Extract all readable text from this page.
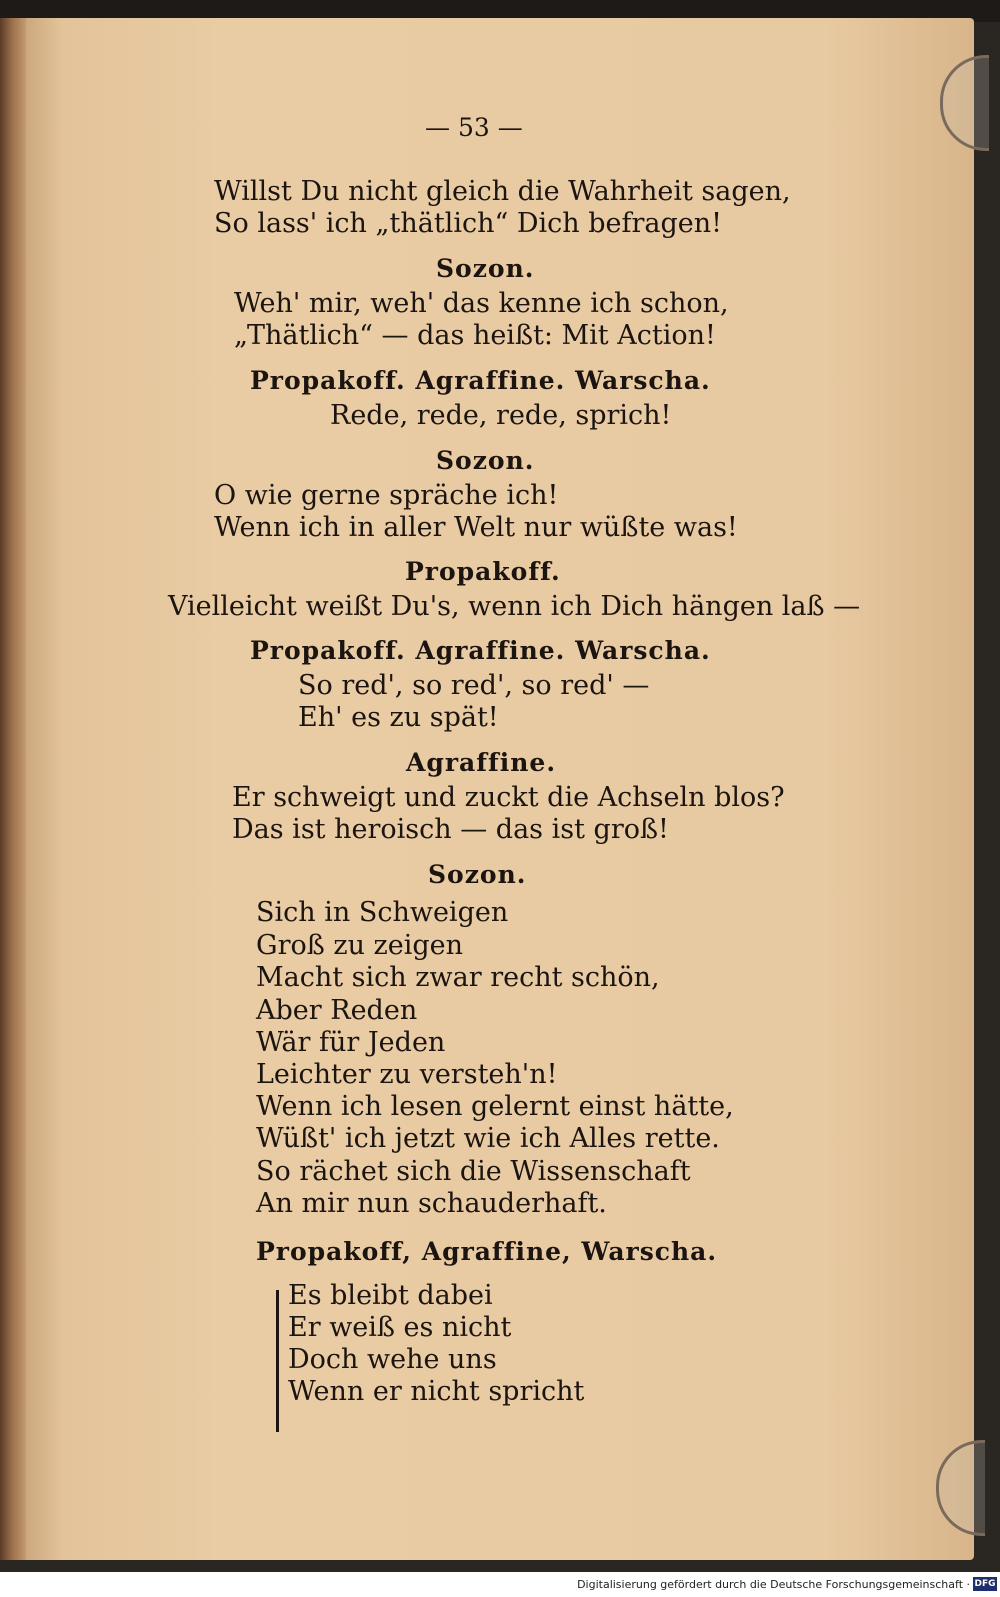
— 53 —
Willst Du nicht gleich die Wahrheit sagen,
So lass' ich „thätlich“ Dich befragen!
Sozon.
Weh' mir, weh' das kenne ich schon,
„Thätlich“ — das heißt: Mit Action!
Propakoff. Agraffine. Warscha.
Rede, rede, rede, sprich!
Sozon.
O wie gerne spräche ich!
Wenn ich in aller Welt nur wüßte was!
Propakoff.
Vielleicht weißt Du's, wenn ich Dich hängen laß —
Propakoff. Agraffine. Warscha.
So red', so red', so red' —
Eh' es zu spät!
Agraffine.
Er schweigt und zuckt die Achseln blos?
Das ist heroisch — das ist groß!
Sozon.
Sich in Schweigen
Groß zu zeigen
Macht sich zwar recht schön,
Aber Reden
Wär für Jeden
Leichter zu versteh'n!
Wenn ich lesen gelernt einst hätte,
Wüßt' ich jetzt wie ich Alles rette.
So rächet sich die Wissenschaft
An mir nun schauderhaft.
Propakoff, Agraffine, Warscha.
Es bleibt dabei
Er weiß es nicht
Doch wehe uns
Wenn er nicht spricht
Digitalisierung gefördert durch die Deutsche Forschungsgemeinschaft · DFG
